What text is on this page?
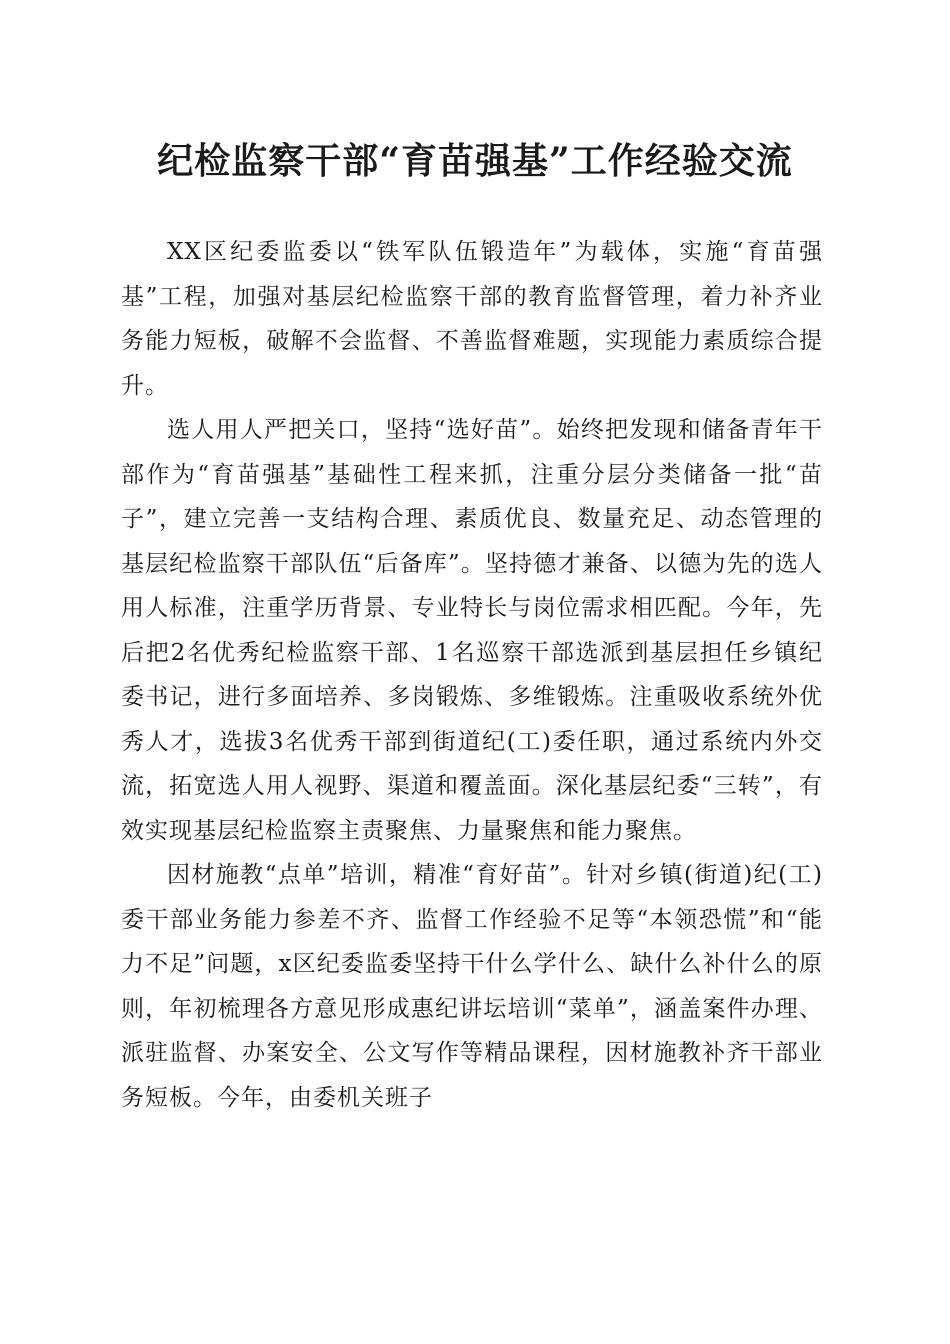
纪检监察干部“育苗强基”工作经验交流

XX区纪委监委以“铁军队伍锻造年”为载体，实施“育苗强基”工程，加强对基层纪检监察干部的教育监督管理，着力补齐业务能力短板，破解不会监督、不善监督难题，实现能力素质综合提升。

选人用人严把关口，坚持“选好苗”。始终把发现和储备青年干部作为“育苗强基”基础性工程来抓，注重分层分类储备一批“苗子”，建立完善一支结构合理、素质优良、数量充足、动态管理的基层纪检监察干部队伍“后备库”。坚持德才兼备、以德为先的选人用人标准，注重学历背景、专业特长与岗位需求相匹配。今年，先后把2名优秀纪检监察干部、1名巡察干部选派到基层担任乡镇纪委书记，进行多面培养、多岗锻炼、多维锻炼。注重吸收系统外优秀人才，选拔3名优秀干部到街道纪(工)委任职，通过系统内外交流，拓宽选人用人视野、渠道和覆盖面。深化基层纪委“三转”，有效实现基层纪检监察主责聚焦、力量聚焦和能力聚焦。

因材施教“点单”培训，精准“育好苗”。针对乡镇(街道)纪(工)委干部业务能力参差不齐、监督工作经验不足等“本领恐慌”和“能力不足”问题，x区纪委监委坚持干什么学什么、缺什么补什么的原则，年初梳理各方意见形成惠纪讲坛培训“菜单”，涵盖案件办理、派驻监督、办案安全、公文写作等精品课程，因材施教补齐干部业务短板。今年，由委机关班子
